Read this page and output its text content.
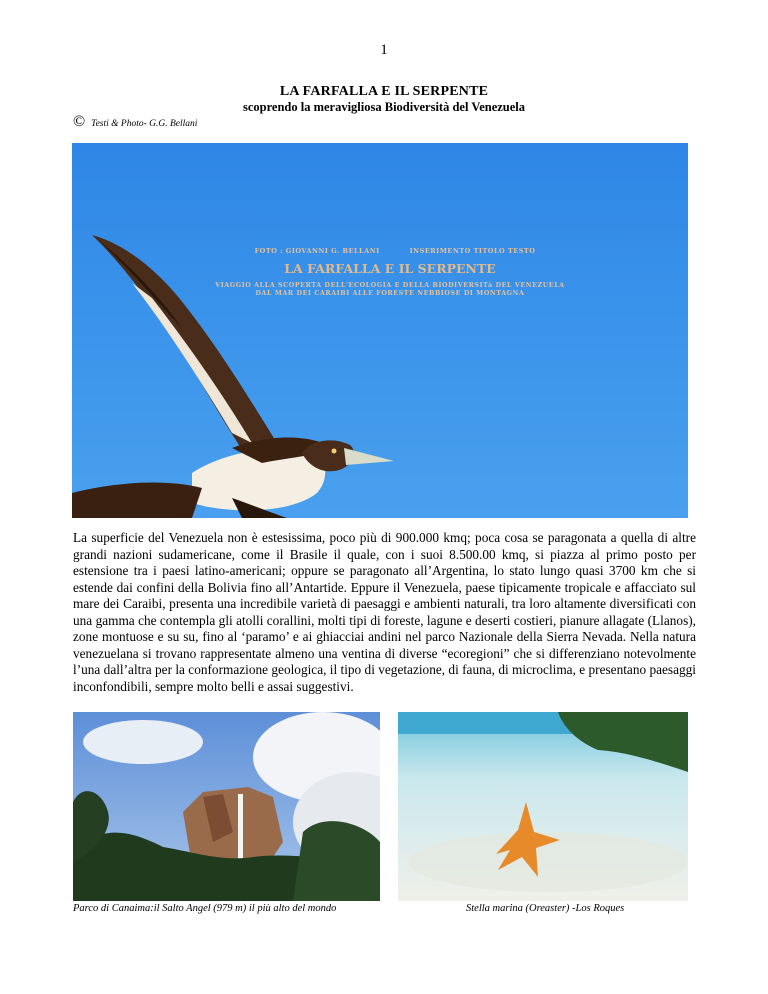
1
LA FARFALLA E IL SERPENTE
scoprendo la meravigliosa Biodiversità del Venezuela
© Testi & Photo- G.G. Bellani
FOTO : GIOVANNI G. BELLANI	INSERIMENTO TITOLO TESTO
LA FARFALLA E IL SERPENTE
VIAGGIO ALLA SCOPERTA DELL'ECOLOGIA E DELLA BIODIVERSITà DEL VENEZUELA
DAL MAR DEI CARAIBI ALLE FORESTE NEBBIOSE DI MONTAGNA
La superficie del Venezuela non è estesissima, poco più di 900.000 kmq; poca cosa se paragonata a quella di altre grandi nazioni sudamericane, come il Brasile il quale, con i suoi 8.500.00 kmq, si piazza al primo posto per estensione tra i paesi latino-americani; oppure se paragonato all’Argentina, lo stato lungo quasi 3700 km che si estende dai confini della Bolivia fino all’Antartide. Eppure il Venezuela, paese tipicamente tropicale e affacciato sul mare dei Caraibi, presenta una incredibile varietà di paesaggi e ambienti naturali, tra loro altamente diversificati con una gamma che contempla gli atolli corallini, molti tipi di foreste, lagune e deserti costieri, pianure allagate (Llanos), zone montuose e su su, fino al ‘paramo’ e ai ghiacciai andini nel parco Nazionale della Sierra Nevada. Nella natura venezuelana si trovano rappresentate almeno una ventina di diverse “ecoregioni” che si differenziano notevolmente l’una dall’altra per la conformazione geologica, il tipo di vegetazione, di fauna, di microclima, e presentano paesaggi inconfondibili, sempre molto belli e assai suggestivi.
Parco di Canaima:il Salto Angel (979 m) il più alto del mondo	Stella marina (Oreaster) -Los Roques
